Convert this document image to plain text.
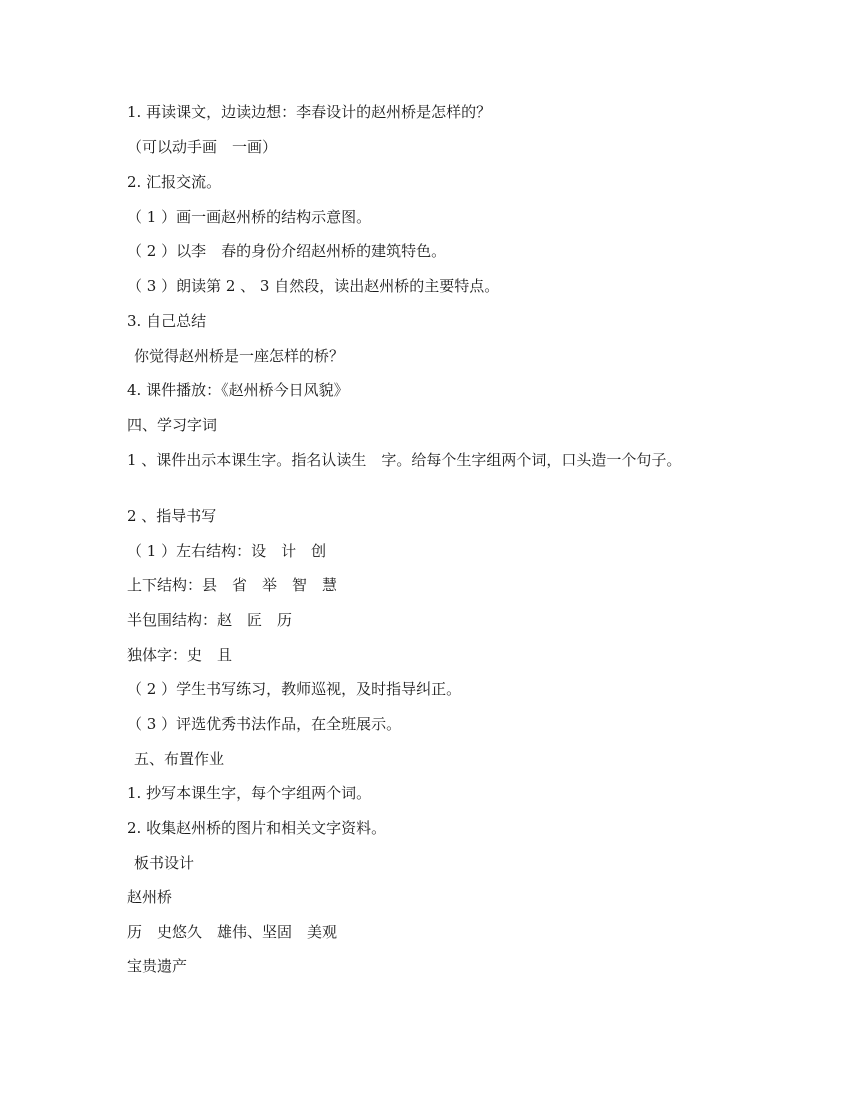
1. 再读课文，边读边想：李春设计的赵州桥是怎样的？
（可以动手画　一画）
2. 汇报交流。
（ 1 ）画一画赵州桥的结构示意图。
（ 2 ）以李　春的身份介绍赵州桥的建筑特色。
（ 3 ）朗读第 2 、 3 自然段，读出赵州桥的主要特点。
3. 自己总结
你觉得赵州桥是一座怎样的桥？
4. 课件播放：《赵州桥今日风貌》
四、学习字词
1 、课件出示本课生字。指名认读生　字。给每个生字组两个词，口头造一个句子。
2 、指导书写
（ 1 ）左右结构：设　计　创
上下结构：县　省　举　智　慧
半包围结构：赵　匠　历
独体字：史　且
（ 2 ）学生书写练习，教师巡视，及时指导纠正。
（ 3 ）评选优秀书法作品，在全班展示。
五、布置作业
1. 抄写本课生字，每个字组两个词。
2. 收集赵州桥的图片和相关文字资料。
板书设计
赵州桥
历　史悠久　雄伟、坚固　美观
宝贵遗产
